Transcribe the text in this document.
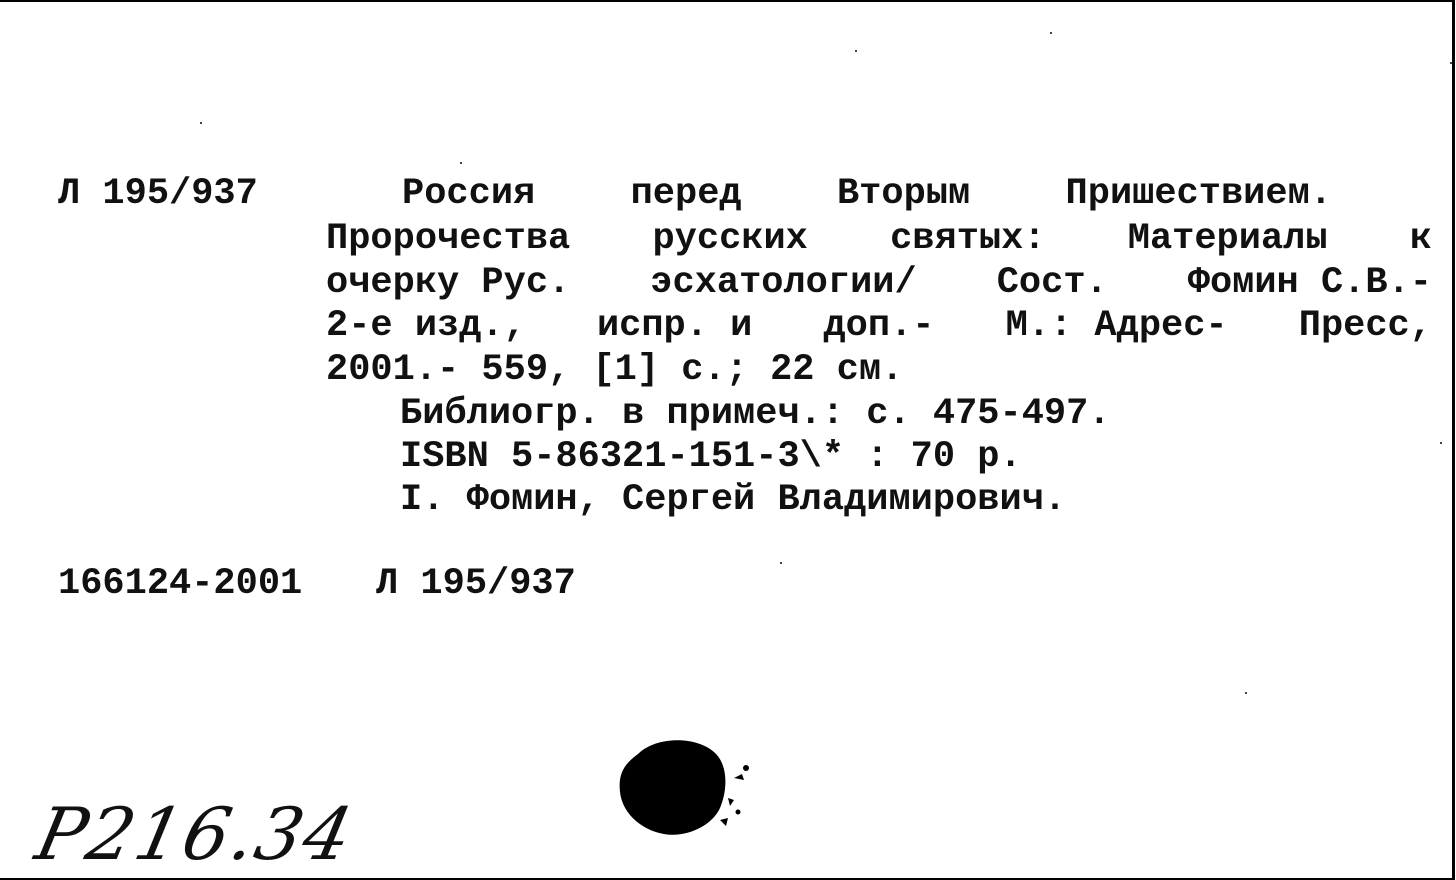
Л 195/937	Россия	перед	Вторым	Пришествием.
Пророчества русских святых: Материалы к
очерку Рус. эсхатологии/ Сост. Фомин С.В.-
2-е изд., испр. и доп.- М.: Адрес- Пресс,
2001.- 559, [1] с.; 22 см.
Библиогр. в примеч.: с. 475-497.
ISBN 5-86321-151-3\* : 70 р.
I. Фомин, Сергей Владимирович.
166124-2001 Л 195/937
Р216.34
